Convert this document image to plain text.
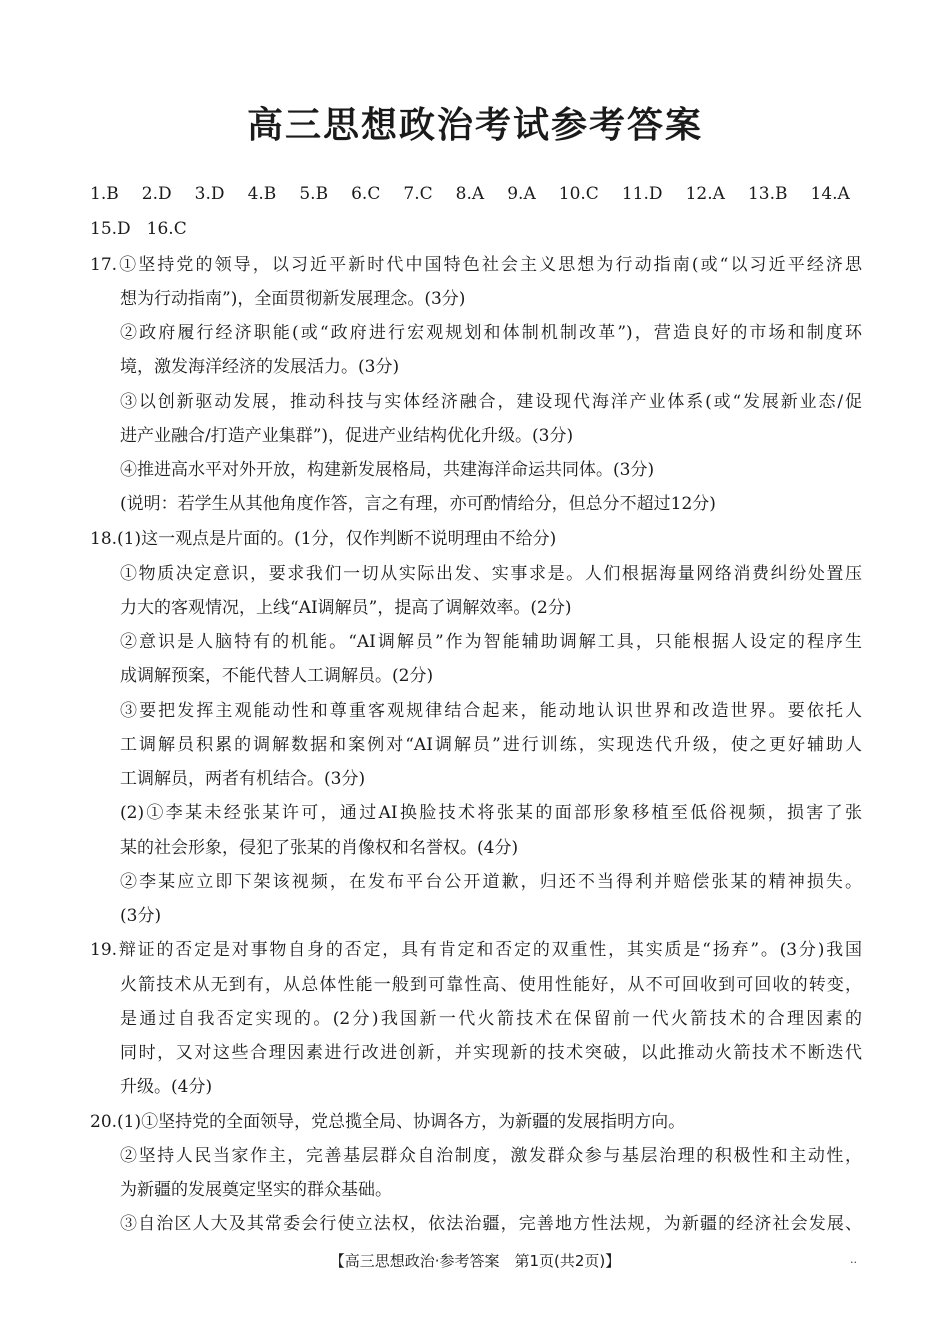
高三思想政治考试参考答案
1.B 2.D 3.D 4.B 5.B 6.C 7.C 8.A 9.A 10.C 11.D 12.A 13.B 14.A
15.D 16.C

17.①坚持党的领导，以习近平新时代中国特色社会主义思想为行动指南(或“以习近平经济思

想为行动指南”)，全面贯彻新发展理念。(3分)

②政府履行经济职能(或“政府进行宏观规划和体制机制改革”)，营造良好的市场和制度环

境，激发海洋经济的发展活力。(3分)

③以创新驱动发展，推动科技与实体经济融合，建设现代海洋产业体系(或“发展新业态/促

进产业融合/打造产业集群”)，促进产业结构优化升级。(3分)

④推进高水平对外开放，构建新发展格局，共建海洋命运共同体。(3分)

(说明：若学生从其他角度作答，言之有理，亦可酌情给分，但总分不超过12分)

18.(1)这一观点是片面的。(1分，仅作判断不说明理由不给分)

①物质决定意识，要求我们一切从实际出发、实事求是。人们根据海量网络消费纠纷处置压

力大的客观情况，上线“AI调解员”，提高了调解效率。(2分)

②意识是人脑特有的机能。“AI调解员”作为智能辅助调解工具，只能根据人设定的程序生

成调解预案，不能代替人工调解员。(2分)

③要把发挥主观能动性和尊重客观规律结合起来，能动地认识世界和改造世界。要依托人

工调解员积累的调解数据和案例对“AI调解员”进行训练，实现迭代升级，使之更好辅助人

工调解员，两者有机结合。(3分)

(2)①李某未经张某许可，通过AI换脸技术将张某的面部形象移植至低俗视频，损害了张

某的社会形象，侵犯了张某的肖像权和名誉权。(4分)

②李某应立即下架该视频，在发布平台公开道歉，归还不当得利并赔偿张某的精神损失。

(3分)

19.辩证的否定是对事物自身的否定，具有肯定和否定的双重性，其实质是“扬弃”。(3分)我国

火箭技术从无到有，从总体性能一般到可靠性高、使用性能好，从不可回收到可回收的转变，

是通过自我否定实现的。(2分)我国新一代火箭技术在保留前一代火箭技术的合理因素的

同时，又对这些合理因素进行改进创新，并实现新的技术突破，以此推动火箭技术不断迭代

升级。(4分)

20.(1)①坚持党的全面领导，党总揽全局、协调各方，为新疆的发展指明方向。

②坚持人民当家作主，完善基层群众自治制度，激发群众参与基层治理的积极性和主动性，

为新疆的发展奠定坚实的群众基础。

③自治区人大及其常委会行使立法权，依法治疆，完善地方性法规，为新疆的经济社会发展、

【高三思想政治·参考答案　第1页(共2页)】	··
